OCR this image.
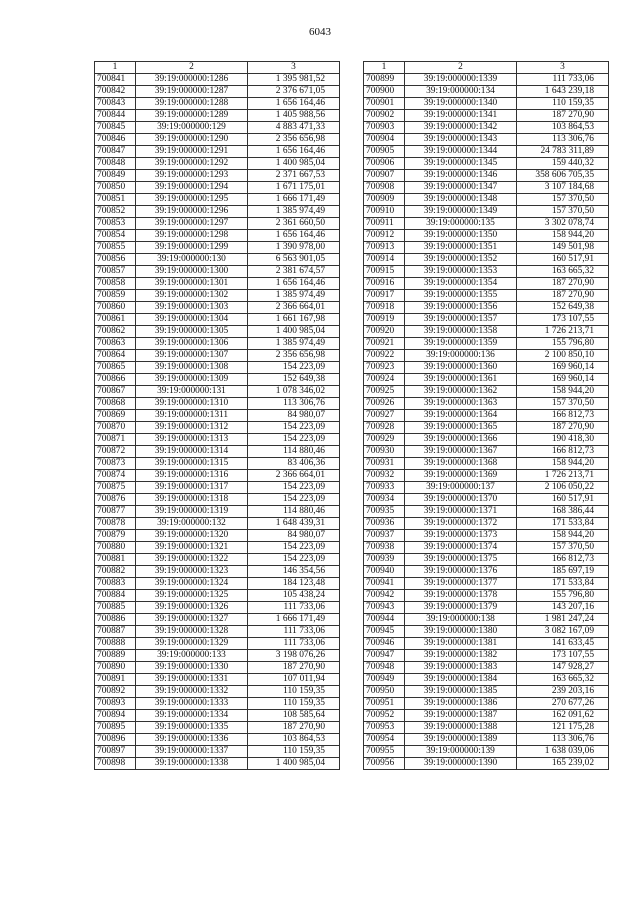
6043
1	2	3
700841	39:19:000000:1286	1 395 981,52
700842	39:19:000000:1287	2 376 671,05
700843	39:19:000000:1288	1 656 164,46
700844	39:19:000000:1289	1 405 988,56
700845	39:19:000000:129	4 883 471,33
700846	39:19:000000:1290	2 356 656,98
700847	39:19:000000:1291	1 656 164,46
700848	39:19:000000:1292	1 400 985,04
700849	39:19:000000:1293	2 371 667,53
700850	39:19:000000:1294	1 671 175,01
700851	39:19:000000:1295	1 666 171,49
700852	39:19:000000:1296	1 385 974,49
700853	39:19:000000:1297	2 361 660,50
700854	39:19:000000:1298	1 656 164,46
700855	39:19:000000:1299	1 390 978,00
700856	39:19:000000:130	6 563 901,05
700857	39:19:000000:1300	2 381 674,57
700858	39:19:000000:1301	1 656 164,46
700859	39:19:000000:1302	1 385 974,49
700860	39:19:000000:1303	2 366 664,01
700861	39:19:000000:1304	1 661 167,98
700862	39:19:000000:1305	1 400 985,04
700863	39:19:000000:1306	1 385 974,49
700864	39:19:000000:1307	2 356 656,98
700865	39:19:000000:1308	154 223,09
700866	39:19:000000:1309	152 649,38
700867	39:19:000000:131	1 078 346,02
700868	39:19:000000:1310	113 306,76
700869	39:19:000000:1311	84 980,07
700870	39:19:000000:1312	154 223,09
700871	39:19:000000:1313	154 223,09
700872	39:19:000000:1314	114 880,46
700873	39:19:000000:1315	83 406,36
700874	39:19:000000:1316	2 366 664,01
700875	39:19:000000:1317	154 223,09
700876	39:19:000000:1318	154 223,09
700877	39:19:000000:1319	114 880,46
700878	39:19:000000:132	1 648 439,31
700879	39:19:000000:1320	84 980,07
700880	39:19:000000:1321	154 223,09
700881	39:19:000000:1322	154 223,09
700882	39:19:000000:1323	146 354,56
700883	39:19:000000:1324	184 123,48
700884	39:19:000000:1325	105 438,24
700885	39:19:000000:1326	111 733,06
700886	39:19:000000:1327	1 666 171,49
700887	39:19:000000:1328	111 733,06
700888	39:19:000000:1329	111 733,06
700889	39:19:000000:133	3 198 076,26
700890	39:19:000000:1330	187 270,90
700891	39:19:000000:1331	107 011,94
700892	39:19:000000:1332	110 159,35
700893	39:19:000000:1333	110 159,35
700894	39:19:000000:1334	108 585,64
700895	39:19:000000:1335	187 270,90
700896	39:19:000000:1336	103 864,53
700897	39:19:000000:1337	110 159,35
700898	39:19:000000:1338	1 400 985,04
1	2	3
700899	39:19:000000:1339	111 733,06
700900	39:19:000000:134	1 643 239,18
700901	39:19:000000:1340	110 159,35
700902	39:19:000000:1341	187 270,90
700903	39:19:000000:1342	103 864,53
700904	39:19:000000:1343	113 306,76
700905	39:19:000000:1344	24 783 311,89
700906	39:19:000000:1345	159 440,32
700907	39:19:000000:1346	358 606 705,35
700908	39:19:000000:1347	3 107 184,68
700909	39:19:000000:1348	157 370,50
700910	39:19:000000:1349	157 370,50
700911	39:19:000000:135	3 302 078,74
700912	39:19:000000:1350	158 944,20
700913	39:19:000000:1351	149 501,98
700914	39:19:000000:1352	160 517,91
700915	39:19:000000:1353	163 665,32
700916	39:19:000000:1354	187 270,90
700917	39:19:000000:1355	187 270,90
700918	39:19:000000:1356	152 649,38
700919	39:19:000000:1357	173 107,55
700920	39:19:000000:1358	1 726 213,71
700921	39:19:000000:1359	155 796,80
700922	39:19:000000:136	2 100 850,10
700923	39:19:000000:1360	169 960,14
700924	39:19:000000:1361	169 960,14
700925	39:19:000000:1362	158 944,20
700926	39:19:000000:1363	157 370,50
700927	39:19:000000:1364	166 812,73
700928	39:19:000000:1365	187 270,90
700929	39:19:000000:1366	190 418,30
700930	39:19:000000:1367	166 812,73
700931	39:19:000000:1368	158 944,20
700932	39:19:000000:1369	1 726 213,71
700933	39:19:000000:137	2 106 050,22
700934	39:19:000000:1370	160 517,91
700935	39:19:000000:1371	168 386,44
700936	39:19:000000:1372	171 533,84
700937	39:19:000000:1373	158 944,20
700938	39:19:000000:1374	157 370,50
700939	39:19:000000:1375	166 812,73
700940	39:19:000000:1376	185 697,19
700941	39:19:000000:1377	171 533,84
700942	39:19:000000:1378	155 796,80
700943	39:19:000000:1379	143 207,16
700944	39:19:000000:138	1 981 247,24
700945	39:19:000000:1380	3 082 167,09
700946	39:19:000000:1381	141 633,45
700947	39:19:000000:1382	173 107,55
700948	39:19:000000:1383	147 928,27
700949	39:19:000000:1384	163 665,32
700950	39:19:000000:1385	239 203,16
700951	39:19:000000:1386	270 677,26
700952	39:19:000000:1387	162 091,62
700953	39:19:000000:1388	121 175,28
700954	39:19:000000:1389	113 306,76
700955	39:19:000000:139	1 638 039,06
700956	39:19:000000:1390	165 239,02
